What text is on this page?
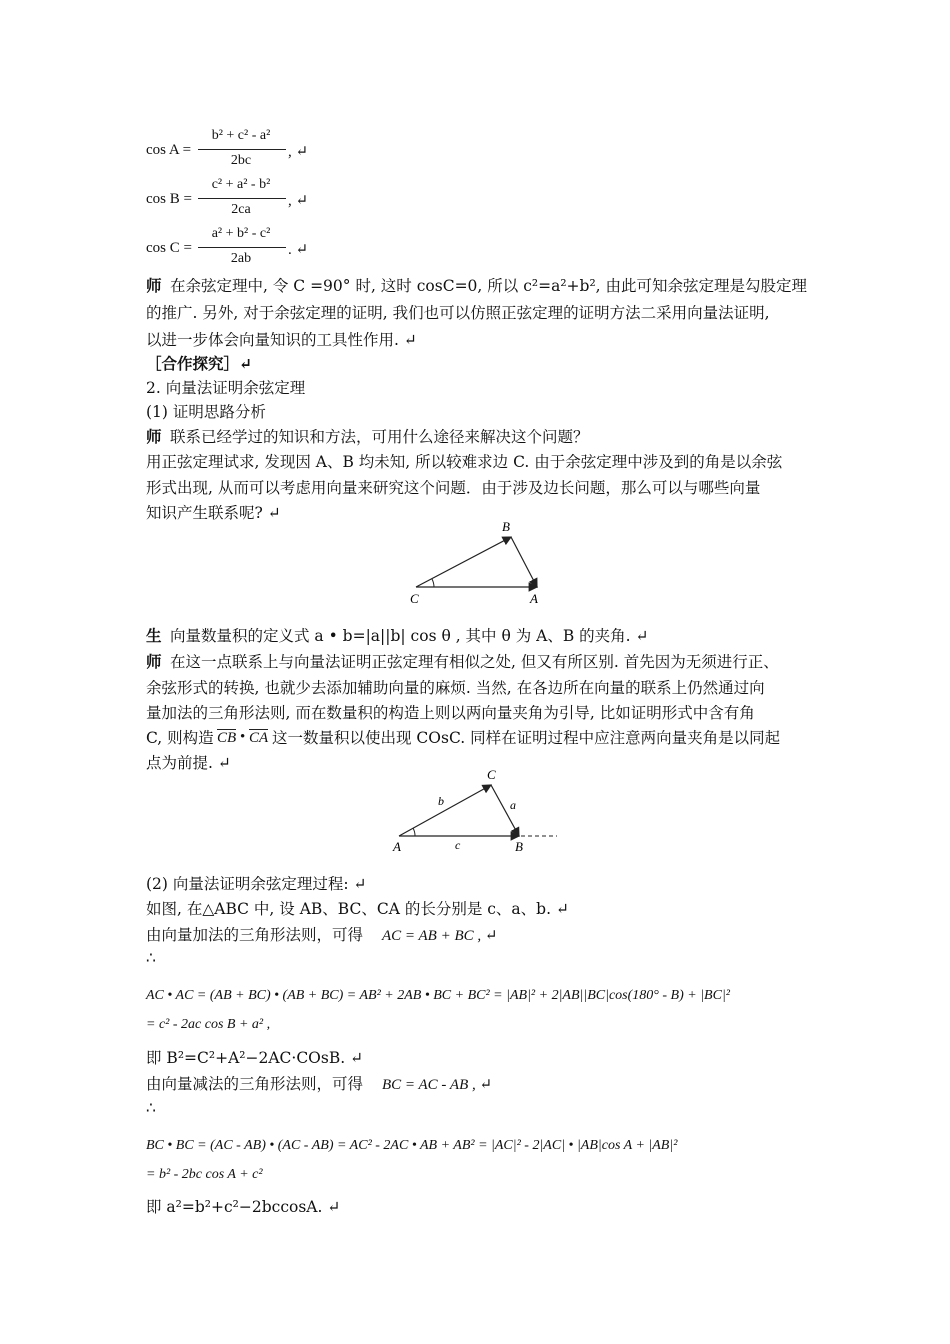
cos A =
b² + c² - a²
2bc
, ↵
cos B =
c² + a² - b²
2ca
, ↵
cos C =
a² + b² - c²
2ab
. ↵
师 在余弦定理中, 令 C =90° 时, 这时 cosC=0, 所以 c²=a²+b², 由此可知余弦定理是勾股定理
的推广. 另外, 对于余弦定理的证明, 我们也可以仿照正弦定理的证明方法二采用向量法证明,
以进一步体会向量知识的工具性作用. ↵
［合作探究］↵
2. 向量法证明余弦定理
(1) 证明思路分析
师 联系已经学过的知识和方法，可用什么途径来解决这个问题？
用正弦定理试求, 发现因 A、B 均未知, 所以较难求边 C. 由于余弦定理中涉及到的角是以余弦
形式出现, 从而可以考虑用向量来研究这个问题．由于涉及边长问题，那么可以与哪些向量
知识产生联系呢? ↵
B
C	A
生 向量数量积的定义式 a • b=|a||b| cos θ , 其中 θ 为 A、B 的夹角. ↵
师 在这一点联系上与向量法证明正弦定理有相似之处, 但又有所区别. 首先因为无须进行正、
余弦形式的转换, 也就少去添加辅助向量的麻烦. 当然, 在各边所在向量的联系上仍然通过向
量加法的三角形法则, 而在数量积的构造上则以两向量夹角为引导, 比如证明形式中含有角
C, 则构造 CB • CA 这一数量积以使出现 COsC. 同样在证明过程中应注意两向量夹角是以同起
点为前提. ↵
C
b	a
A	c	B
(2) 向量法证明余弦定理过程: ↵
如图, 在△ABC 中, 设 AB、BC、CA 的长分别是 c、a、b. ↵
由向量加法的三角形法则，可得 AC = AB + BC , ↵
∴
AC • AC = (AB + BC) • (AB + BC) = AB² + 2AB • BC + BC² = |AB|² + 2|AB||BC|cos(180° - B) + |BC|²
= c² - 2ac cos B + a² ,
即 B²=C²+A²−2AC·COsB. ↵
由向量减法的三角形法则，可得 BC = AC - AB , ↵
∴
BC • BC = (AC - AB) • (AC - AB) = AC² - 2AC • AB + AB² = |AC|² - 2|AC| • |AB|cos A + |AB|²
= b² - 2bc cos A + c²
即 a²=b²+c²−2bccosA. ↵
